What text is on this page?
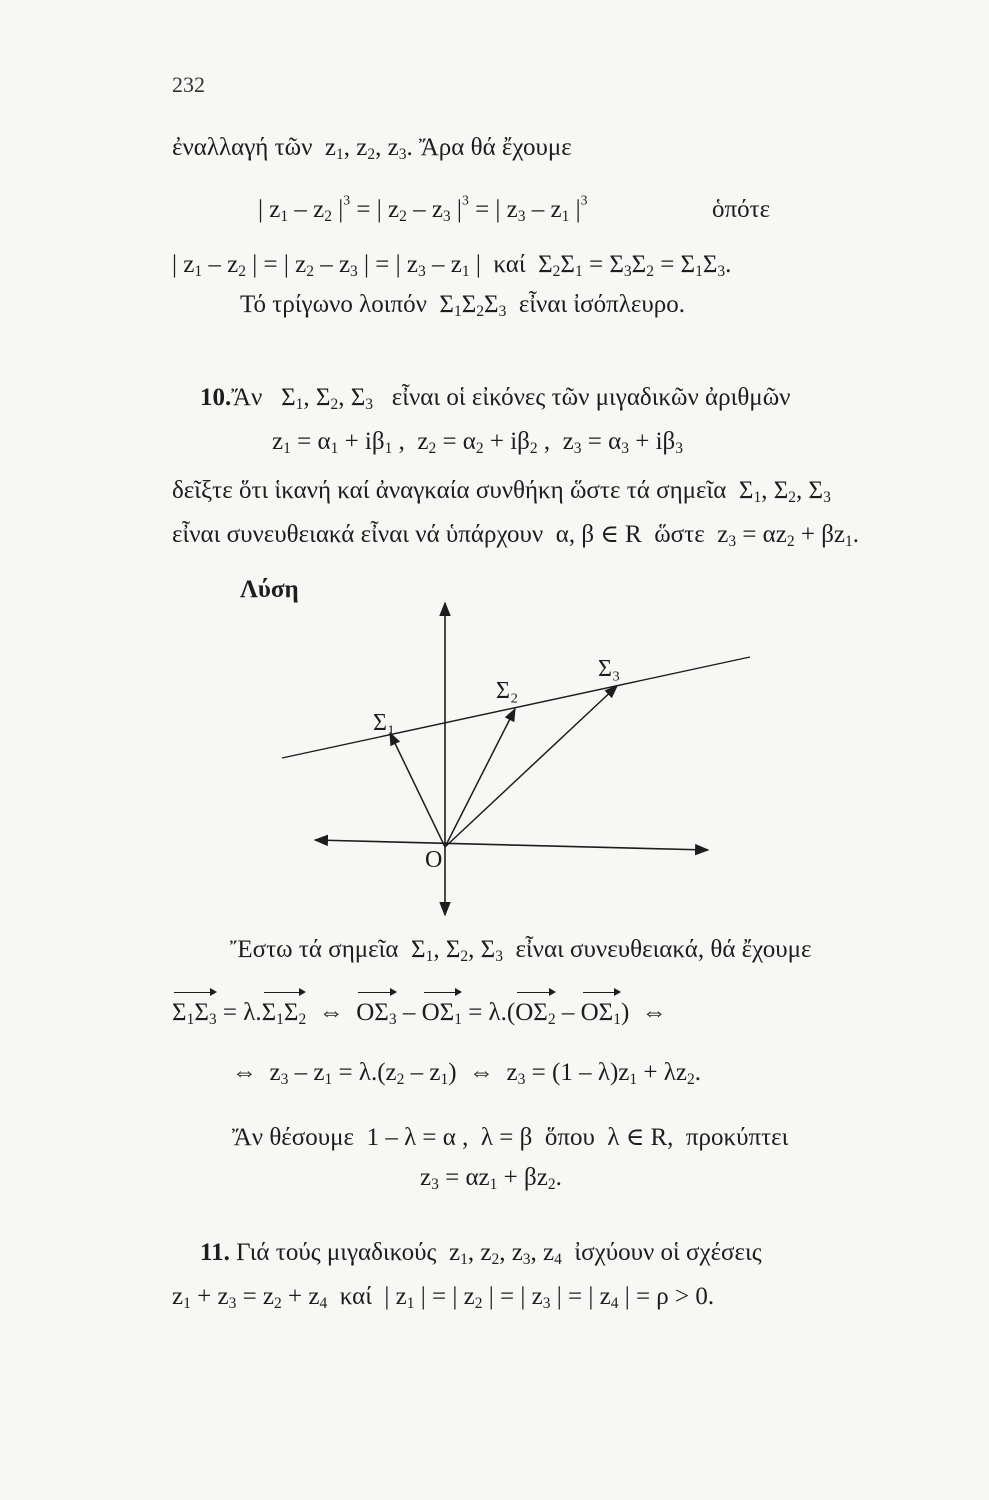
232
ἐναλλαγή τῶν  $z_1$, $z_2$, $z_3$. Ἄρα θά ἔχουμε
| $z_1 - z_2$ $|^3$ = | $z_2 - z_3$ $|^3$ = | $z_3 - z_1$ $|^3$	ὁπότε
| $z_1 - z_2$ | = | $z_2 - z_3$ | = | $z_3 - z_1$ |  καί  $\Sigma_2\Sigma_1 = \Sigma_3\Sigma_2 = \Sigma_1\Sigma_3$.
Τό τρίγωνο λοιπόν  $\Sigma_1\Sigma_2\Sigma_3$ εἶναι ἰσόπλευρο.
10.Ἄν   $\Sigma_1$, $\Sigma_2$, $\Sigma_3$ εἶναι οἱ εἰκόνες τῶν μιγαδικῶν ἀριθμῶν
$z_1 = \alpha_1 + i\beta_1$ ,  $z_2 = \alpha_2 + i\beta_2$ ,  $z_3 = \alpha_3 + i\beta_3$
δεῖξτε ὅτι ἱκανή καί ἀναγκαία συνθήκη ὥστε τά σημεῖα  $\Sigma_1$, $\Sigma_2$, $\Sigma_3$
εἶναι συνευθειακά εἶναι νά ὑπάρχουν  α, β ∈ R  ὥστε  $z_3 = \alpha z_2 + \beta z_1$.
Λύση
Σ₁
Σ₂
Σ₃
O
Ἔστω τά σημεῖα  $\Sigma_1$, $\Sigma_2$, $\Sigma_3$ εἶναι συνευθειακά, θά ἔχουμε
$\Sigma_1\Sigma_3 = \lambda.\Sigma_1\Sigma_2$  ⇔  $O\Sigma_3 - O\Sigma_1 = \lambda.(O\Sigma_2 - O\Sigma_1)$  ⇔
⇔  $z_3 - z_1 = \lambda.(z_2 - z_1)$  ⇔  $z_3 = (1 - \lambda)z_1 + \lambda z_2$.
Ἄν θέσουμε  1 – λ = α ,  λ = β  ὅπου  λ ∈ R,  προκύπτει
$z_3 = \alpha z_1 + \beta z_2$.
11. Γιά τούς μιγαδικούς  $z_1$, $z_2$, $z_3$, $z_4$ ἰσχύουν οἱ σχέσεις
$z_1 + z_3 = z_2 + z_4$ καί  | $z_1$ | = | $z_2$ | = | $z_3$ | = | $z_4$ | = ρ > 0.
